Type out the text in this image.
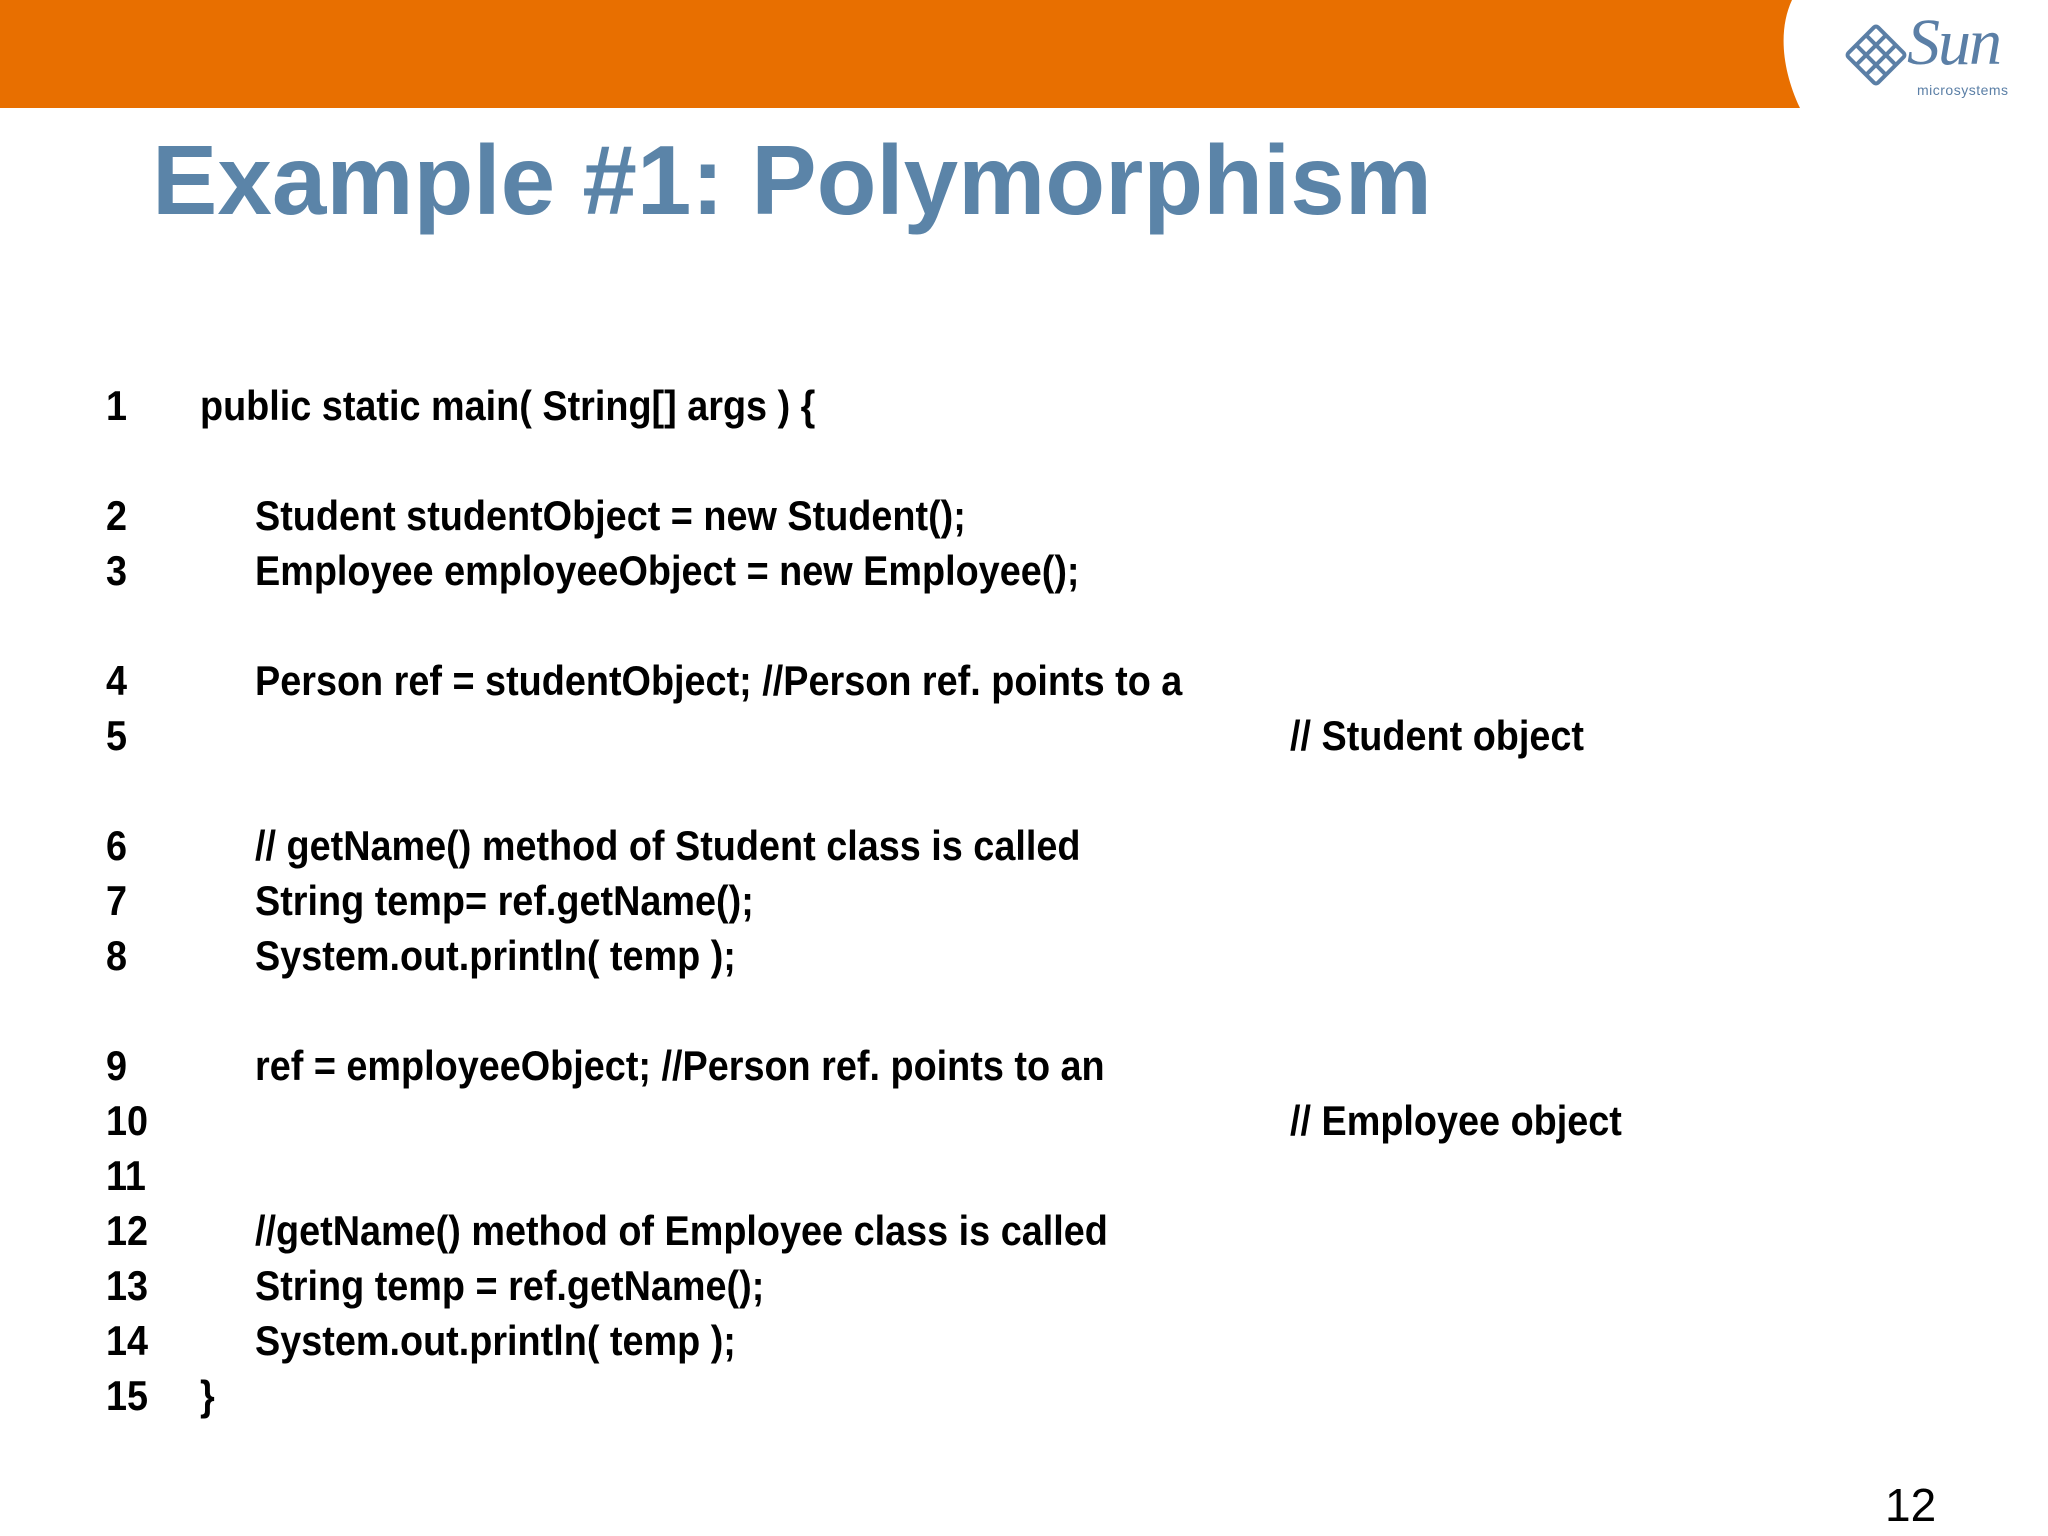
Sun
microsystems
Example #1: Polymorphism
1 public static main( String[] args ) {
2	Student studentObject = new Student();
3	Employee employeeObject = new Employee();
4	Person ref = studentObject; //Person ref. points to a
5	// Student object
6	// getName() method of Student class is called
7	String temp= ref.getName();
8	System.out.println( temp );
9	ref = employeeObject; //Person ref. points to an
10	// Employee object
11
12	//getName() method of Employee class is called
13	String temp = ref.getName();
14	System.out.println( temp );
15 }
12
